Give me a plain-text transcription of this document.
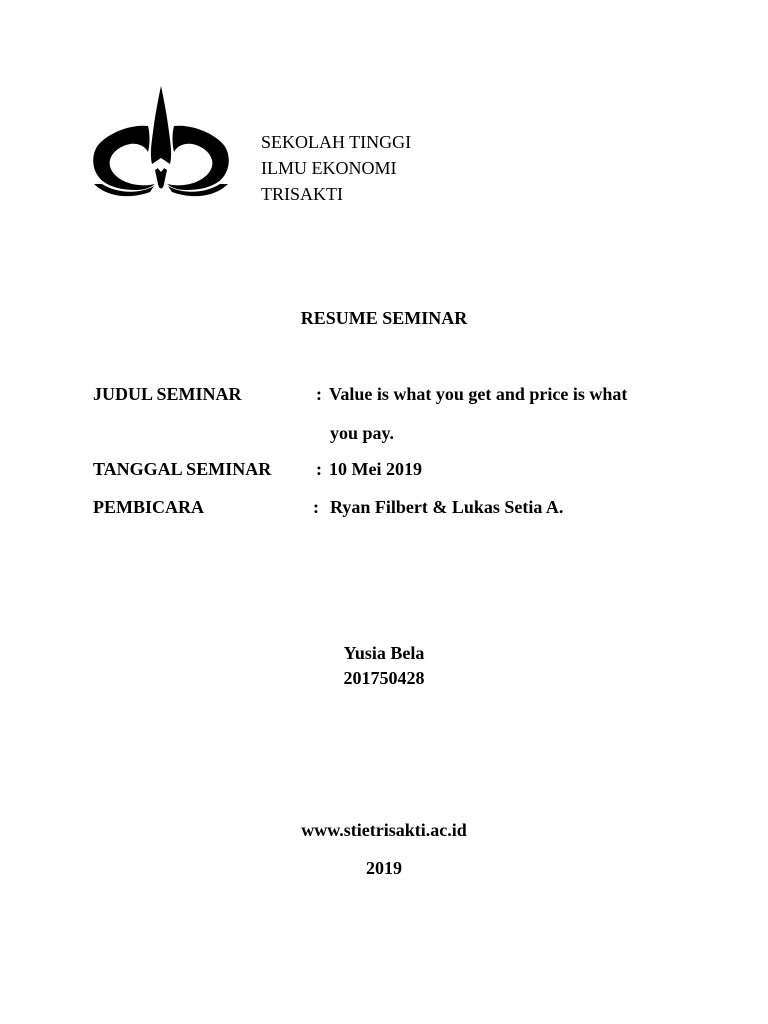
SEKOLAH TINGGI
ILMU EKONOMI
TRISAKTI
RESUME SEMINAR
JUDUL SEMINAR	: Value is what you get and price is what
you pay.
TANGGAL SEMINAR : 10 Mei 2019
PEMBICARA	: Ryan Filbert & Lukas Setia A.
Yusia Bela
201750428
www.stietrisakti.ac.id
2019
